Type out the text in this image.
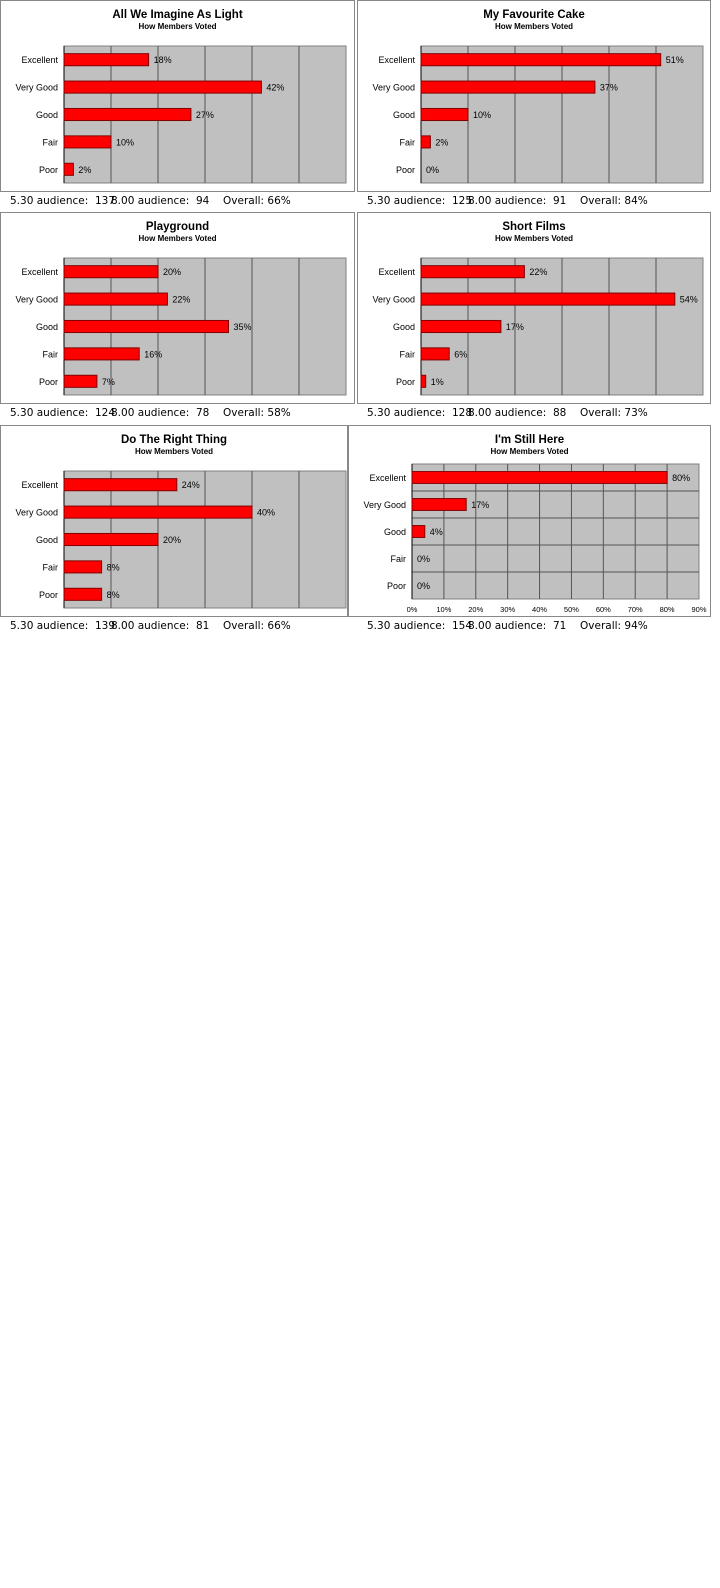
Excellent	18%
Very Good	42%
Good	27%
Fair	10%
Poor 2%
All We Imagine As Light
How Members Voted

5.30 audience: 137

8.00 audience: 94

Overall: 66%

Excellent	51%
Very Good	37%
Good	10%
Fair 2%
Poor 0%
My Favourite Cake
How Members Voted

5.30 audience: 125

8.00 audience: 91

Overall: 84%

Excellent	20%
Very Good	22%
Good	35%
Fair	16%
Poor	7%
Playground
How Members Voted

5.30 audience: 124

8.00 audience: 78

Overall: 58%

Excellent	22%
Very Good	54%
Good	17%
Fair	6%
Poor 1%
Short Films
How Members Voted

5.30 audience: 128

8.00 audience: 88

Overall: 73%

Excellent	24%
Very Good	40%
Good	20%
Fair	8%
Poor	8%
Do The Right Thing
How Members Voted

5.30 audience: 139

8.00 audience: 81

Overall: 66%

Excellent	80%
Very Good	17%
Good	4%
Fair 0%
Poor 0%
0%	10% 20% 30% 40% 50% 60% 70% 80% 90%
I'm Still Here
How Members Voted

5.30 audience: 154

8.00 audience: 71

Overall: 94%
